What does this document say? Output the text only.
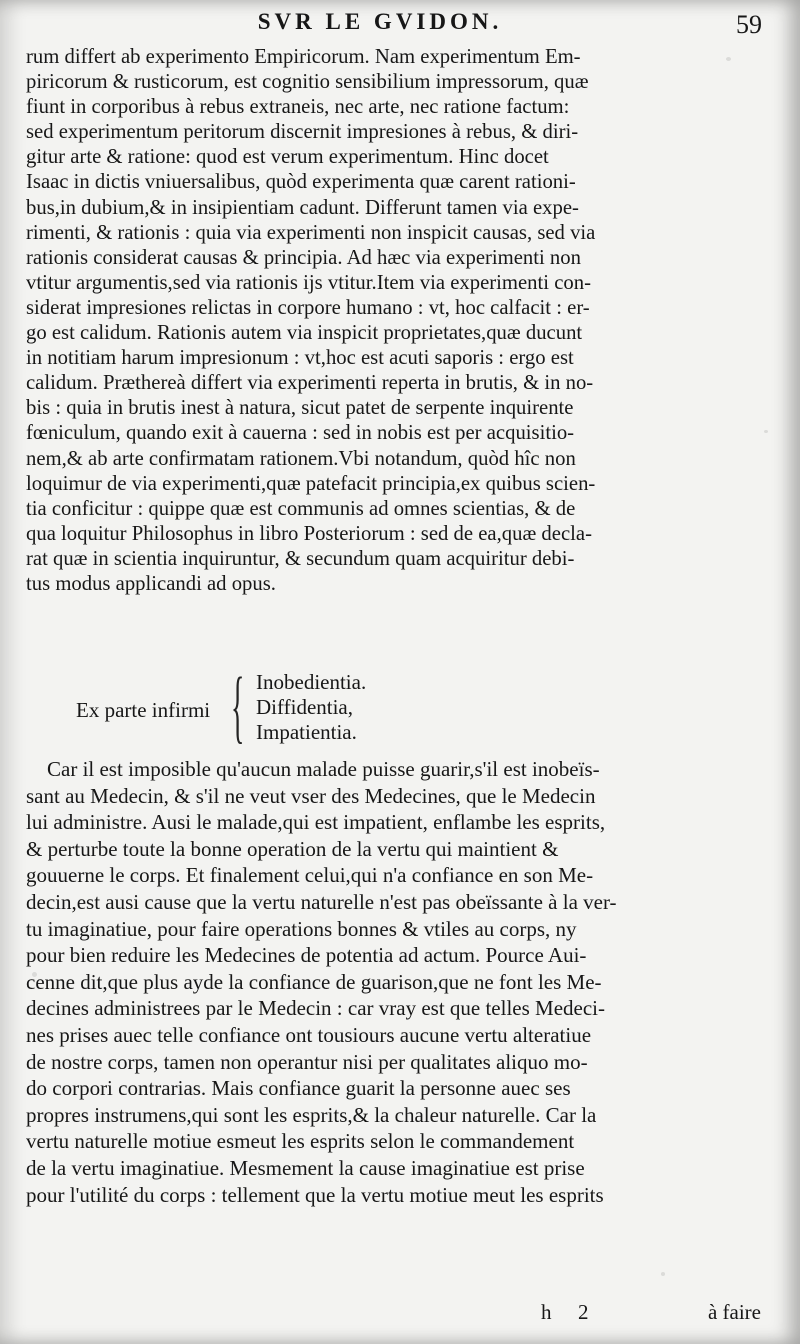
SVR LE GVIDON.	59
rum differt ab experimento Empiricorum. Nam experimentum Em-
piricorum & rusticorum, est cognitio sensibilium impressorum, quæ
fiunt in corporibus à rebus extraneis, nec arte, nec ratione factum:
sed experimentum peritorum discernit impresiones à rebus, & diri-
gitur arte & ratione: quod est verum experimentum. Hinc docet
Isaac in dictis vniuersalibus, quòd experimenta quæ carent rationi-
bus,in dubium,& in insipientiam cadunt. Differunt tamen via expe-
rimenti, & rationis : quia via experimenti non inspicit causas, sed via
rationis considerat causas & principia. Ad hæc via experimenti non
vtitur argumentis,sed via rationis ijs vtitur.Item via experimenti con-
siderat impresiones relictas in corpore humano : vt, hoc calfacit : er-
go est calidum. Rationis autem via inspicit proprietates,quæ ducunt
in notitiam harum impresionum : vt,hoc est acuti saporis : ergo est
calidum. Præthereà differt via experimenti reperta in brutis, & in no-
bis : quia in brutis inest à natura, sicut patet de serpente inquirente
fœniculum, quando exit à cauerna : sed in nobis est per acquisitio-
nem,& ab arte confirmatam rationem.Vbi notandum, quòd hîc non
loquimur de via experimenti,quæ patefacit principia,ex quibus scien-
tia conficitur : quippe quæ est communis ad omnes scientias, & de
qua loquitur Philosophus in libro Posteriorum : sed de ea,quæ decla-
rat quæ in scientia inquiruntur, & secundum quam acquiritur debi-
tus modus applicandi ad opus.
Ex parte infirmi { Inobedientia.
Diffidentia,
Impatientia.
Car il est imposible qu'aucun malade puisse guarir,s'il est inobeïs-
sant au Medecin, & s'il ne veut vser des Medecines, que le Medecin
lui administre. Ausi le malade,qui est impatient, enflambe les esprits,
& perturbe toute la bonne operation de la vertu qui maintient &
gouuerne le corps. Et finalement celui,qui n'a confiance en son Me-
decin,est ausi cause que la vertu naturelle n'est pas obeïssante à la ver-
tu imaginatiue, pour faire operations bonnes & vtiles au corps, ny
pour bien reduire les Medecines de potentia ad actum. Pource Aui-
cenne dit,que plus ayde la confiance de guarison,que ne font les Me-
decines administrees par le Medecin : car vray est que telles Medeci-
nes prises auec telle confiance ont tousiours aucune vertu alteratiue
de nostre corps, tamen non operantur nisi per qualitates aliquo mo-
do corpori contrarias. Mais confiance guarit la personne auec ses
propres instrumens,qui sont les esprits,& la chaleur naturelle. Car la
vertu naturelle motiue esmeut les esprits selon le commandement
de la vertu imaginatiue. Mesmement la cause imaginatiue est prise
pour l'utilité du corps : tellement que la vertu motiue meut les esprits
h 2	à faire
